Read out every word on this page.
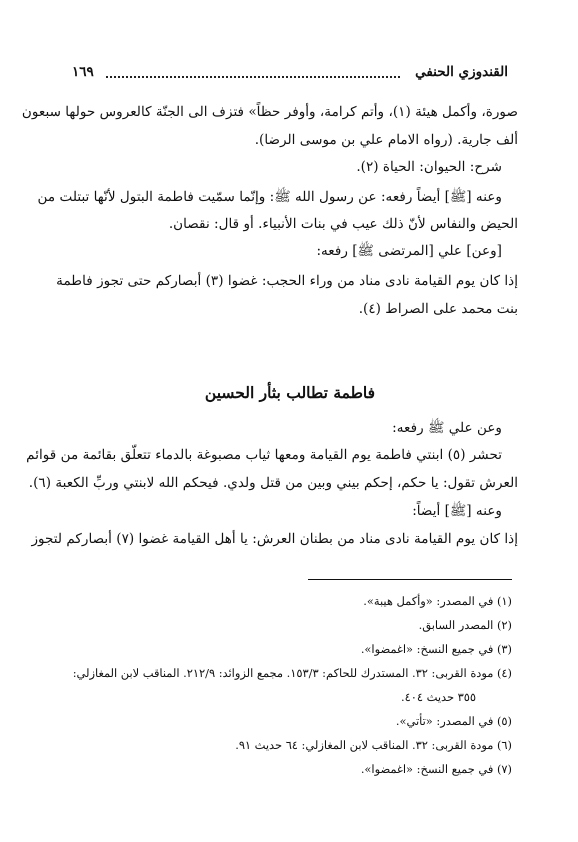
القندوزي الحنفي
١٦٩
صورة، وأكمل هيئة (١)، وأتم كرامة، وأوفر حظاً» فتزف الى الجنّة كالعروس حولها سبعون
ألف جارية. (رواه الامام علي بن موسى الرضا).
شرح: الحيوان: الحياة (٢).
وعنه [ﷺ] أيضاً رفعه: عن رسول الله ﷺ: وإنّما سمّيت فاطمة البتول لأنّها تبتلت من
الحيض والنفاس لأنّ ذلك عيب في بنات الأنبياء. أو قال: نقصان.
[وعن] علي [المرتضى ﷺ] رفعه:
إذا كان يوم القيامة نادى مناد من وراء الحجب: غضوا (٣) أبصاركم حتى تجوز فاطمة
بنت محمد على الصراط (٤).
فاطمة تطالب بثأر الحسين
وعن علي ﷺ رفعه:
تحشر (٥) ابنتي فاطمة يوم القيامة ومعها ثياب مصبوغة بالدماء تتعلّق بقائمة من قوائم
العرش تقول: يا حكم، إحكم بيني وبين من قتل ولدي. فيحكم الله لابنتي وربِّ الكعبة (٦).
وعنه [ﷺ] أيضاً:
إذا كان يوم القيامة نادى مناد من بطنان العرش: يا أهل القيامة غضوا (٧) أبصاركم لتجوز
(١) في المصدر: «وأكمل هيبة».
(٢) المصدر السابق.
(٣) في جميع النسخ: «اغمضوا».
(٤) مودة القربى: ٣٢. المستدرك للحاكم: ١٥٣/٣. مجمع الزوائد: ٢١٢/٩. المناقب لابن المغازلي:
٣٥٥ حديث ٤٠٤.
(٥) في المصدر: «تأتي».
(٦) مودة القربى: ٣٢. المناقب لابن المغازلي: ٦٤ حديث ٩١.
(٧) في جميع النسخ: «اغمضوا».
